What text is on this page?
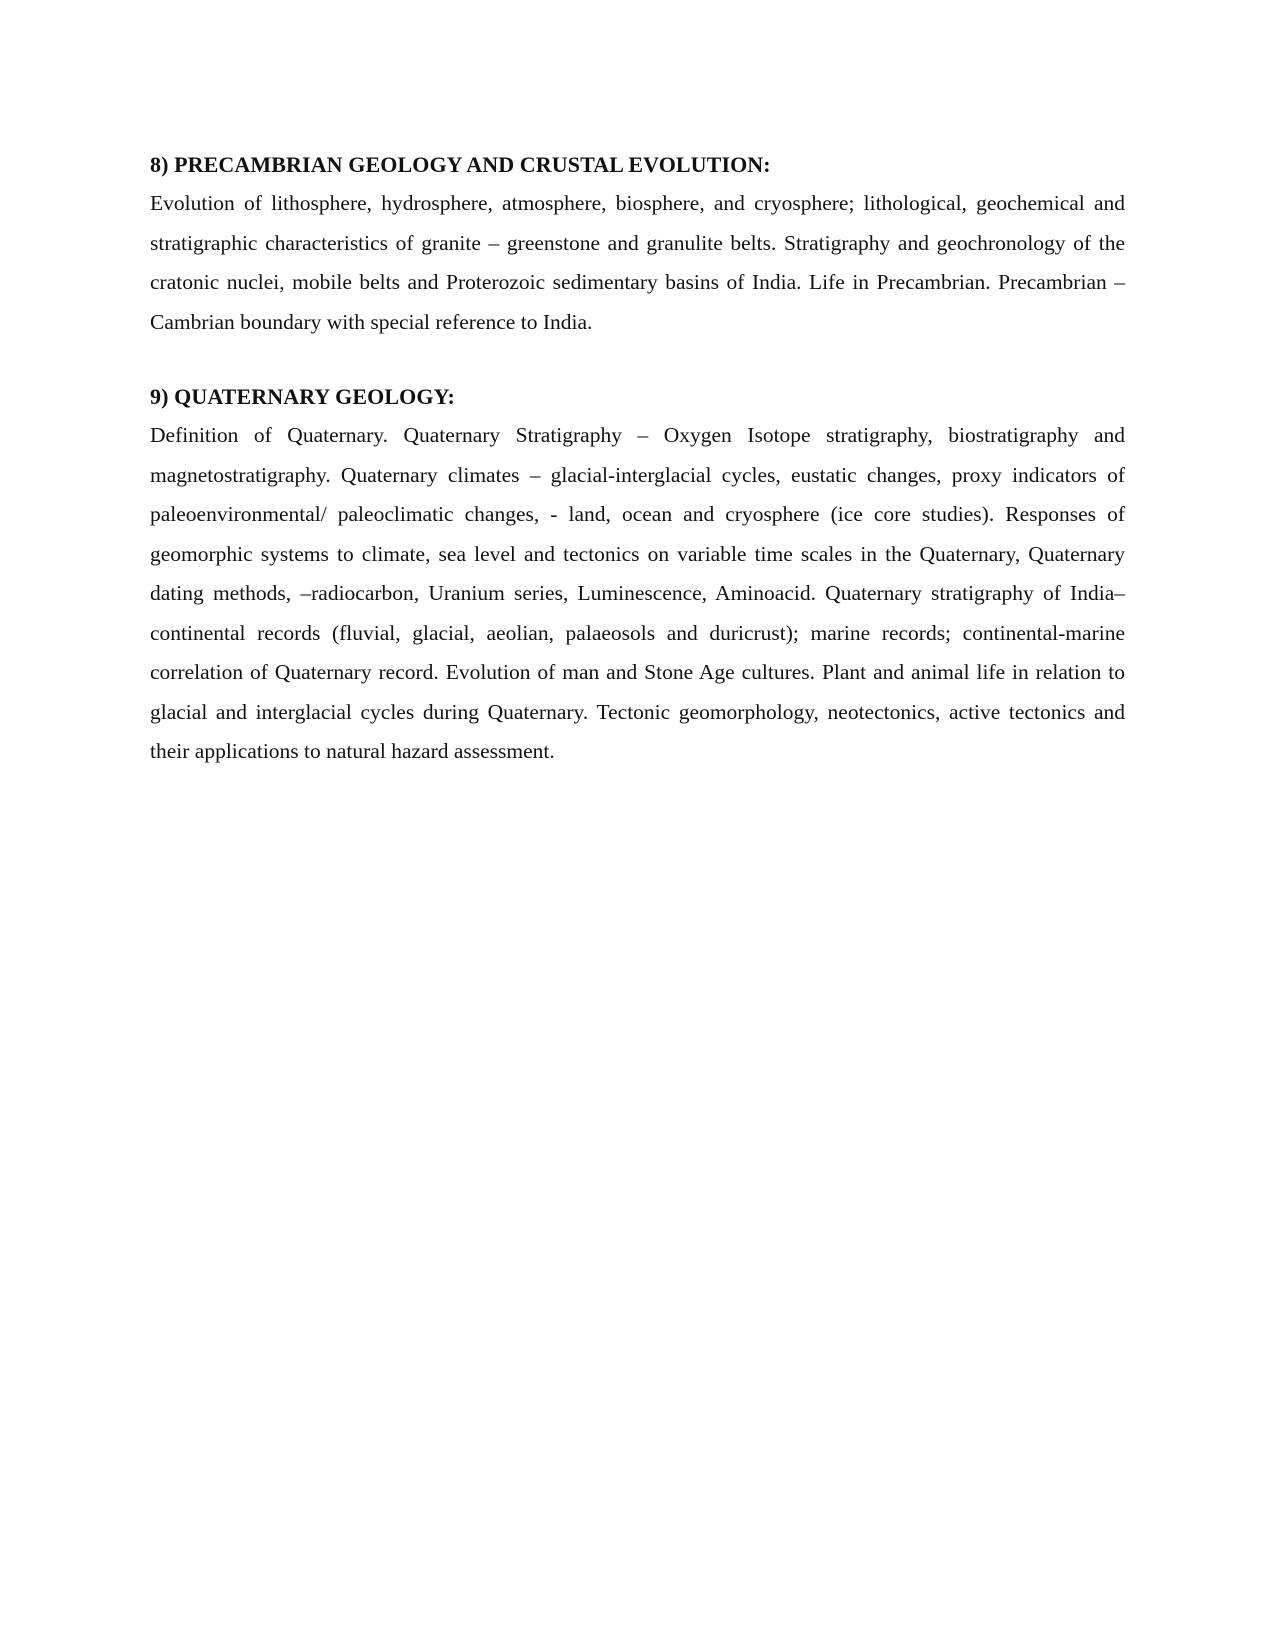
8) PRECAMBRIAN GEOLOGY AND CRUSTAL EVOLUTION:

Evolution of lithosphere, hydrosphere, atmosphere, biosphere, and cryosphere; lithological, geochemical and stratigraphic characteristics of granite – greenstone and granulite belts. Stratigraphy and geochronology of the cratonic nuclei, mobile belts and Proterozoic sedimentary basins of India. Life in Precambrian. Precambrian – Cambrian boundary with special reference to India.

9) QUATERNARY GEOLOGY:

Definition of Quaternary. Quaternary Stratigraphy – Oxygen Isotope stratigraphy, biostratigraphy and magnetostratigraphy. Quaternary climates – glacial-interglacial cycles, eustatic changes, proxy indicators of paleoenvironmental/ paleoclimatic changes, - land, ocean and cryosphere (ice core studies). Responses of geomorphic systems to climate, sea level and tectonics on variable time scales in the Quaternary, Quaternary dating methods, –radiocarbon, Uranium series, Luminescence, Aminoacid. Quaternary stratigraphy of India– continental records (fluvial, glacial, aeolian, palaeosols and duricrust); marine records; continental-marine correlation of Quaternary record. Evolution of man and Stone Age cultures. Plant and animal life in relation to glacial and interglacial cycles during Quaternary. Tectonic geomorphology, neotectonics, active tectonics and their applications to natural hazard assessment.
